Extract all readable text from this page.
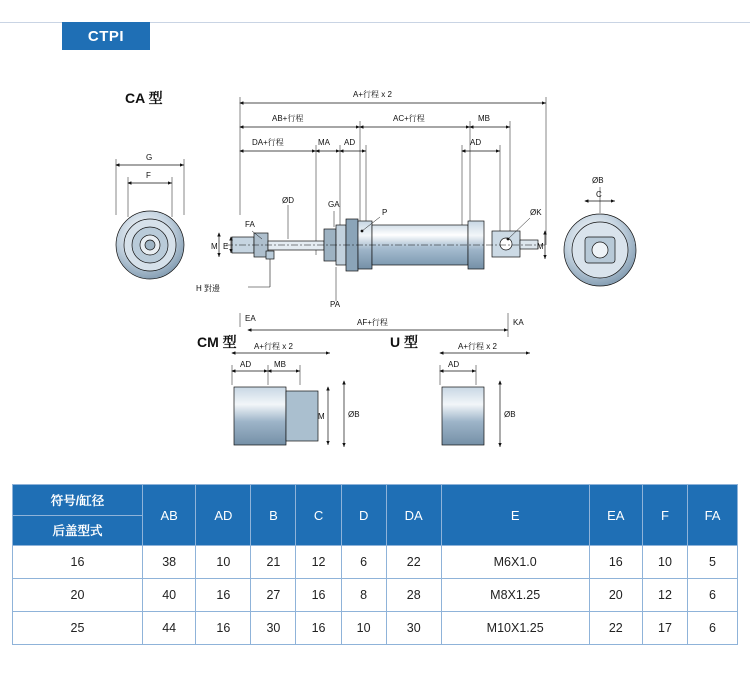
CTPI
CA 型	A+行程 x 2
AB+行程	AC+行程	MB
DA+行程	MA AD	AD
G
F
H 對邊
ØD
FA
GA
P	ØK
M	M
E
EA
PA
AF+行程	KA
ØB
C
CM 型 A+行程 x 2
AD	MB
M	ØB
U 型	A+行程 x 2
AD
ØB
符号/缸径
后盖型式	AB	AD	B	C	D	DA	E	EA	F	FA
16	38	10	21	12	6	22	M6X1.0	16	10	5
20	40	16	27	16	8	28	M8X1.25	20	12	6
25	44	16	30	16	10	30	M10X1.25	22	17	6
